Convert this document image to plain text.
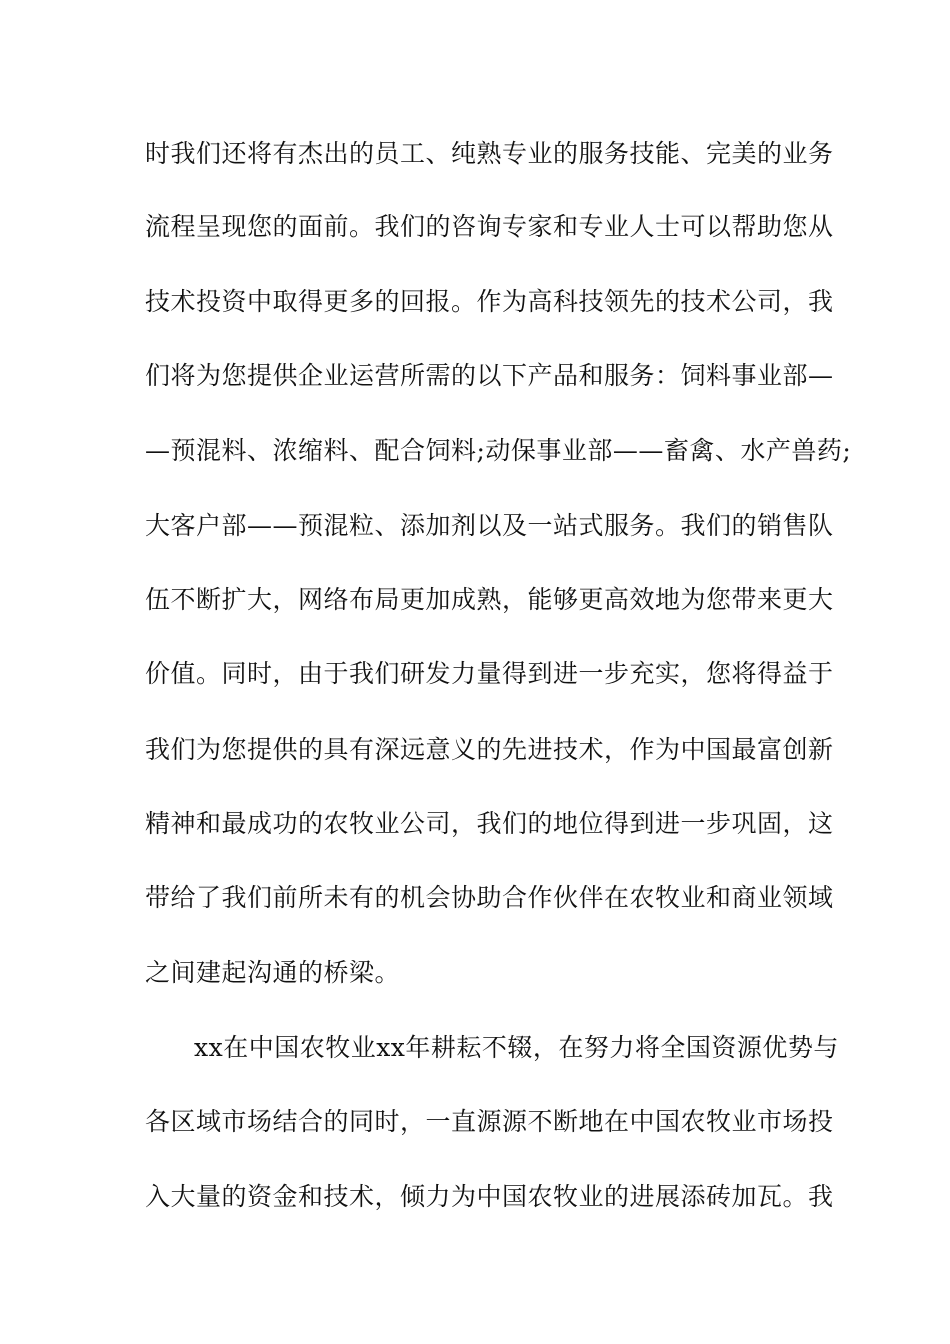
时我们还将有杰出的员工、纯熟专业的服务技能、完美的业务
流程呈现您的面前。我们的咨询专家和专业人士可以帮助您从
技术投资中取得更多的回报。作为高科技领先的技术公司，我
们将为您提供企业运营所需的以下产品和服务：饲料事业部—
—预混料、浓缩料、配合饲料;动保事业部——畜禽、水产兽药;
大客户部——预混粒、添加剂以及一站式服务。我们的销售队
伍不断扩大，网络布局更加成熟，能够更高效地为您带来更大
价值。同时，由于我们研发力量得到进一步充实，您将得益于
我们为您提供的具有深远意义的先进技术，作为中国最富创新
精神和最成功的农牧业公司，我们的地位得到进一步巩固，这
带给了我们前所未有的机会协助合作伙伴在农牧业和商业领域
之间建起沟通的桥梁。
xx在中国农牧业xx年耕耘不辍，在努力将全国资源优势与
各区域市场结合的同时，一直源源不断地在中国农牧业市场投
入大量的资金和技术，倾力为中国农牧业的进展添砖加瓦。我
